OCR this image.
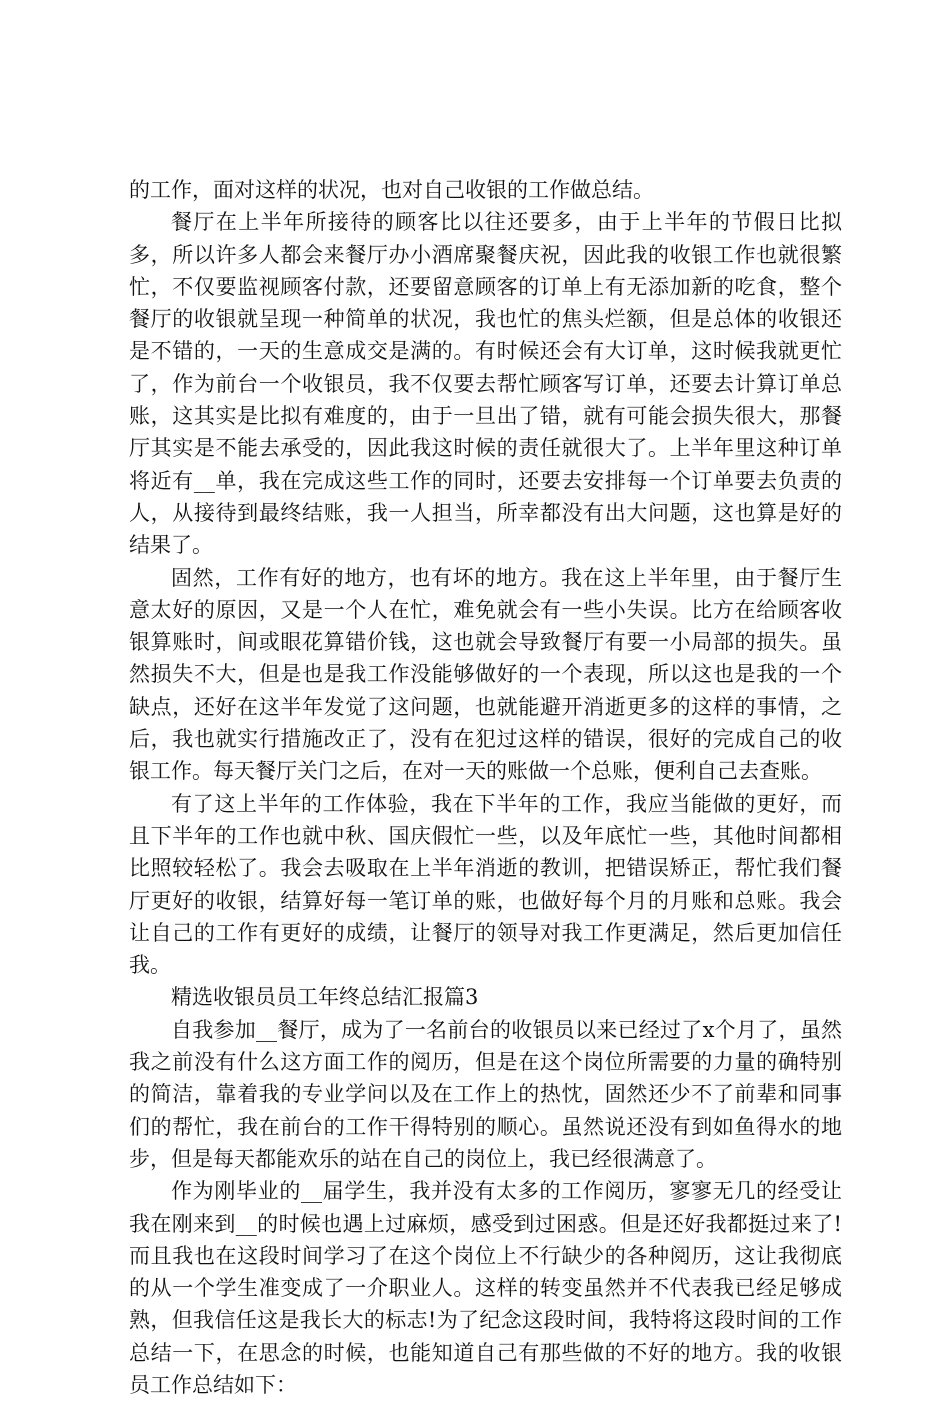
的工作，面对这样的状况，也对自己收银的工作做总结。

餐厅在上半年所接待的顾客比以往还要多，由于上半年的节假日比拟多，所以许多人都会来餐厅办小酒席聚餐庆祝，因此我的收银工作也就很繁忙，不仅要监视顾客付款，还要留意顾客的订单上有无添加新的吃食，整个餐厅的收银就呈现一种简单的状况，我也忙的焦头烂额，但是总体的收银还是不错的，一天的生意成交是满的。有时候还会有大订单，这时候我就更忙了，作为前台一个收银员，我不仅要去帮忙顾客写订单，还要去计算订单总账，这其实是比拟有难度的，由于一旦出了错，就有可能会损失很大，那餐厅其实是不能去承受的，因此我这时候的责任就很大了。上半年里这种订单将近有__单，我在完成这些工作的同时，还要去安排每一个订单要去负责的人，从接待到最终结账，我一人担当，所幸都没有出大问题，这也算是好的结果了。

固然，工作有好的地方，也有坏的地方。我在这上半年里，由于餐厅生意太好的原因，又是一个人在忙，难免就会有一些小失误。比方在给顾客收银算账时，间或眼花算错价钱，这也就会导致餐厅有要一小局部的损失。虽然损失不大，但是也是我工作没能够做好的一个表现，所以这也是我的一个缺点，还好在这半年发觉了这问题，也就能避开消逝更多的这样的事情，之后，我也就实行措施改正了，没有在犯过这样的错误，很好的完成自己的收银工作。每天餐厅关门之后，在对一天的账做一个总账，便利自己去查账。

有了这上半年的工作体验，我在下半年的工作，我应当能做的更好，而且下半年的工作也就中秋、国庆假忙一些，以及年底忙一些，其他时间都相比照较轻松了。我会去吸取在上半年消逝的教训，把错误矫正，帮忙我们餐厅更好的收银，结算好每一笔订单的账，也做好每个月的月账和总账。我会让自己的工作有更好的成绩，让餐厅的领导对我工作更满足，然后更加信任我。

精选收银员员工年终总结汇报篇3

自我参加__餐厅，成为了一名前台的收银员以来已经过了x个月了，虽然我之前没有什么这方面工作的阅历，但是在这个岗位所需要的力量的确特别的简洁，靠着我的专业学问以及在工作上的热忱，固然还少不了前辈和同事们的帮忙，我在前台的工作干得特别的顺心。虽然说还没有到如鱼得水的地步，但是每天都能欢乐的站在自己的岗位上，我已经很满意了。

作为刚毕业的__届学生，我并没有太多的工作阅历，寥寥无几的经受让我在刚来到__的时候也遇上过麻烦，感受到过困惑。但是还好我都挺过来了!而且我也在这段时间学习了在这个岗位上不行缺少的各种阅历，这让我彻底的从一个学生准变成了一介职业人。这样的转变虽然并不代表我已经足够成熟，但我信任这是我长大的标志!为了纪念这段时间，我特将这段时间的工作总结一下，在思念的时候，也能知道自己有那些做的不好的地方。我的收银员工作总结如下：
